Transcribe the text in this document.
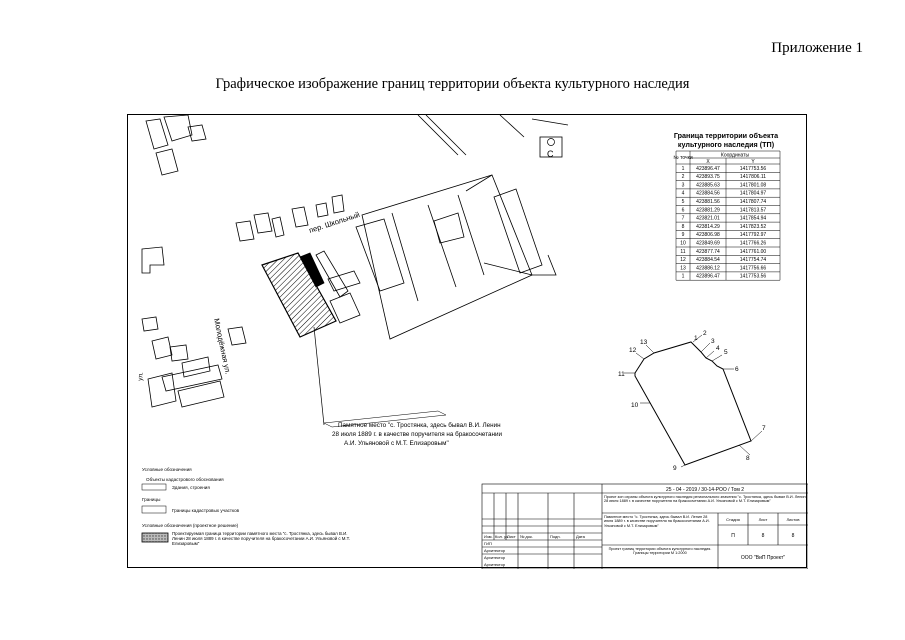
Приложение 1
Графическое изображение границ территории объекта культурного наследия
С
пер. Школьный
Молодёжная ул.
ул.
Памятное место "с. Тростянка, здесь бывал В.И. Ленин
28 июля 1889 г. в качестве поручителя на бракосочетании
А.И. Ульяновой с М.Т. Елизаровым"
Граница территории объекта
культурного наследия (ТП)
№ точки	Координаты
X	Y
1 423896.47	1417753.56
2 423893.75	1417806.11
3 423885.63	1417801.08
4 423884.56	1417804.97
5 423881.56	1417807.74
6 423881.29	1417813.57
7 423821.01	1417854.94
8 423814.29	1417823.52
9 423806.98	1417792.97
10 423849.69	1417766.26
11 423877.74	1417761.00
12 423884.54	1417754.74
13 423886.12	1417756.66
1 423896.47	1417753.56
2
3
4
5
6
7
8
9
10
11
12
13
1
Условные обозначения
Объекты кадастрового обоснования
Здания, строения
Границы
Границы кадастровых участков
Условные обозначения (проектное решение)
Проектируемая граница территории памятного места "с. Тростянка, здесь бывал В.И. Ленин 28 июля 1889 г. в качестве поручителя на бракосочетании А.И. Ульяновой с М.Т. Елизаровым"
25 - 04 - 2019 / 30-14-РОО / Том 2
Изм. Кол. уч.
Лист № док.	Подп.	Дата
ГИП
Архитектор
Архитектор
Архитектор
Стадия	Лист	Листов
П	8	8
ООО "ВиП Проект"
Проект зон охраны объекта культурного наследия регионального значения "с. Тростянка, здесь бывал В.И. Ленин 28 июля 1889 г. в качестве поручителя на бракосочетании А.И. Ульяновой с М.Т. Елизаровым"
Памятное место "с. Тростянка, здесь бывал В.И. Ленин 28 июля 1889 г. в качестве поручителя на бракосочетании А.И. Ульяновой с М.Т. Елизаровым"
Проект границ территории объекта культурного наследия. Границы территории М 1:2000
